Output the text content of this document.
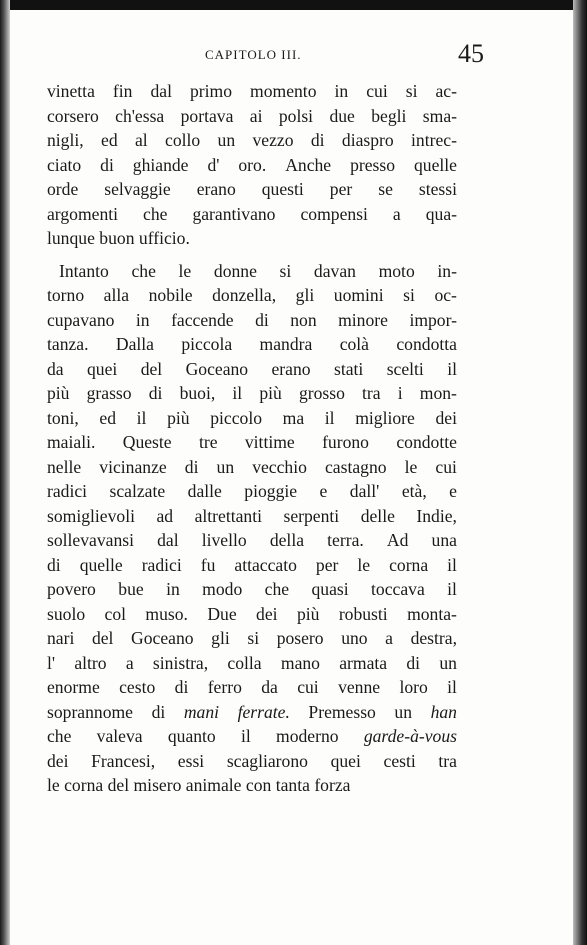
CAPITOLO III.	45
vinetta fin dal primo momento in cui si ac-
corsero ch'essa portava ai polsi due begli sma-
nigli, ed al collo un vezzo di diaspro intrec-
ciato di ghiande d' oro. Anche presso quelle
orde selvaggie erano questi per se stessi
argomenti che garantivano compensi a qua-
lunque
buon
ufficio.
Intanto che le donne si davan moto in-
torno alla nobile donzella, gli uomini si oc-
cupavano in faccende di non minore impor-
tanza. Dalla piccola mandra colà condotta
da quei del Goceano erano stati scelti il
più grasso di buoi, il più grosso tra i mon-
toni, ed il più piccolo ma il migliore dei
maiali. Queste tre vittime furono condotte
nelle vicinanze di un vecchio castagno le cui
radici scalzate dalle pioggie e dall' età, e
somiglievoli ad altrettanti serpenti delle Indie,
sollevavansi dal livello della terra. Ad una
di quelle radici fu attaccato per le corna il
povero bue in modo che quasi toccava il
suolo col muso. Due dei più robusti monta-
nari del Goceano gli si posero uno a destra,
l' altro a sinistra, colla mano armata di un
enorme cesto di ferro da cui venne loro il
soprannome di mani ferrate. Premesso un han
che valeva quanto il moderno garde-à-vous
dei Francesi, essi scagliarono quei cesti tra
le
corna
del
misero
animale
con
tanta
forza
